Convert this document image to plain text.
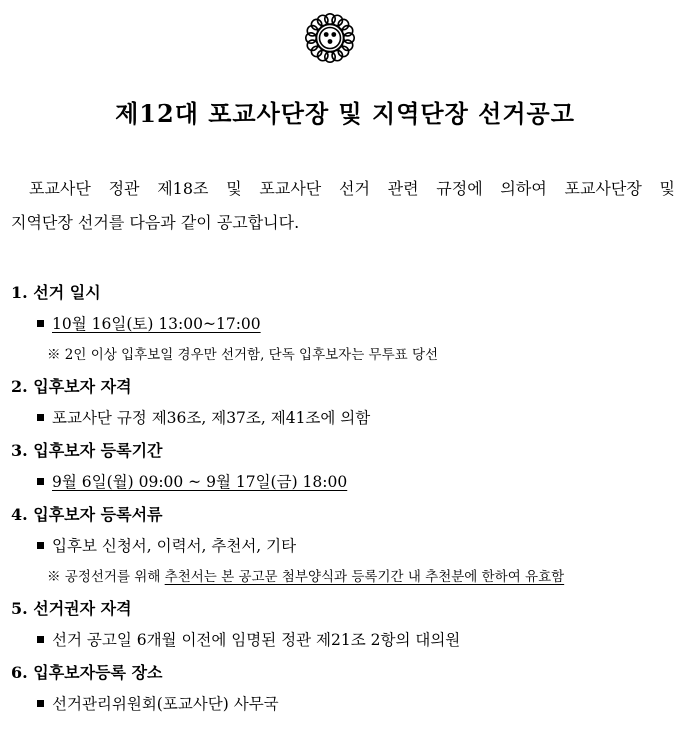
제12대 포교사단장 및 지역단장 선거공고
포교사단 정관 제18조 및 포교사단 선거 관련 규정에 의하여 포교사단장 및
지역단장 선거를 다음과 같이 공고합니다.
1. 선거 일시
10월 16일(토) 13:00~17:00
※ 2인 이상 입후보일 경우만 선거함, 단독 입후보자는 무투표 당선
2. 입후보자 자격
포교사단 규정 제36조, 제37조, 제41조에 의함
3. 입후보자 등록기간
9월 6일(월) 09:00 ~ 9월 17일(금) 18:00
4. 입후보자 등록서류
입후보 신청서, 이력서, 추천서, 기타
※ 공정선거를 위해 추천서는 본 공고문 첨부양식과 등록기간 내 추천분에 한하여 유효함
5. 선거권자 자격
선거 공고일 6개월 이전에 임명된 정관 제21조 2항의 대의원
6. 입후보자등록 장소
선거관리위원회(포교사단) 사무국
